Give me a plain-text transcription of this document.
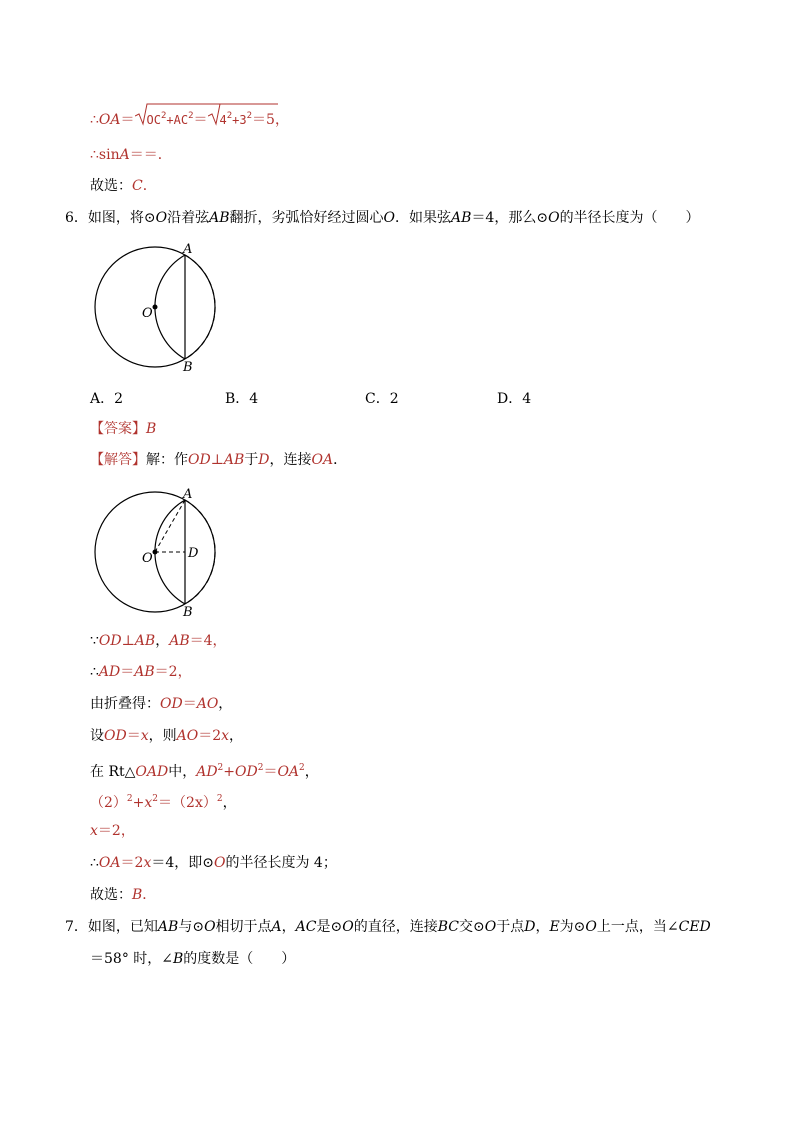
∴OA＝ $OC^2+AC^2= 4^2+3^2=5$，
∴sinA＝＝．
故选：C．
6．如图，将⊙O沿着弦AB翻折，劣弧恰好经过圆心O．如果弦AB＝4，那么⊙O的半径长度为（　　）
A
B
O
A．2	B．4	C．2	D．4
【答案】B
【解答】解：作OD⊥AB于D，连接OA．
A
B
O	D
∵OD⊥AB，AB＝4，
∴AD＝AB＝2，
由折叠得：OD＝AO，
设OD＝x，则AO＝2x，
在 Rt△OAD中，$AD^2+OD^2=OA^2$，
$(2)^2+x^2=(2x)^2$，
x＝2，
∴OA＝2x＝4，即⊙O的半径长度为 4；
故选：B．
7．如图，已知AB与⊙O相切于点A，AC是⊙O的直径，连接BC交⊙O于点D，E为⊙O上一点，当∠CED
＝58° 时，∠B的度数是（　　）
